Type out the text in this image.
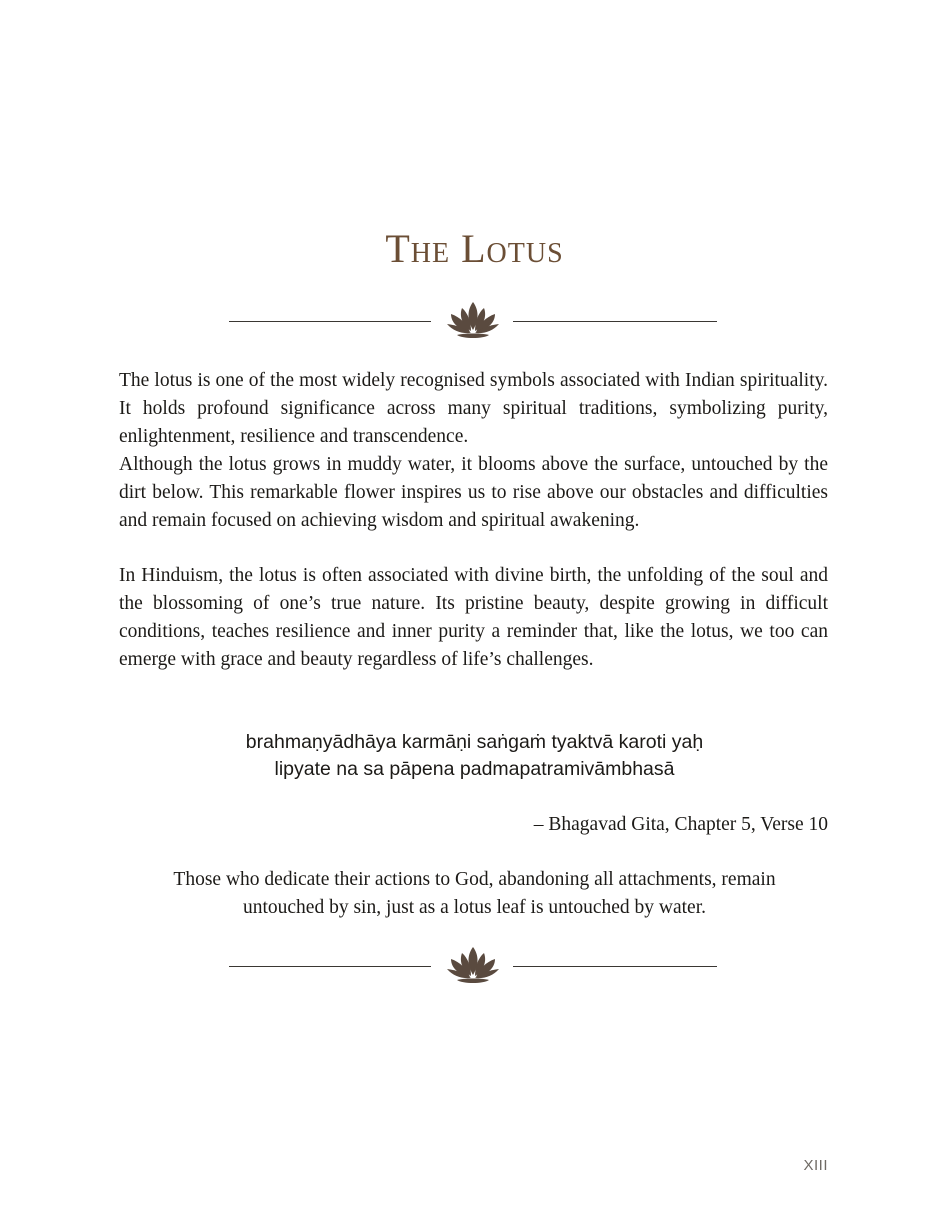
The Lotus

The lotus is one of the most widely recognised symbols associated with Indian spirituality. It holds profound significance across many spiritual traditions, symbolizing purity, enlightenment, resilience and transcendence.

Although the lotus grows in muddy water, it blooms above the surface, untouched by the dirt below. This remarkable flower inspires us to rise above our obstacles and difficulties and remain focused on achieving wisdom and spiritual awakening.

In Hinduism, the lotus is often associated with divine birth, the unfolding of the soul and the blossoming of one’s true nature. Its pristine beauty, despite growing in difficult conditions, teaches resilience and inner purity a reminder that, like the lotus, we too can emerge with grace and beauty regardless of life’s challenges.

brahmaṇyādhāya karmāṇi saṅgaṁ tyaktvā karoti yaḥ
lipyate na sa pāpena padmapatramivāmbhasā
– Bhagavad Gita, Chapter 5, Verse 10
Those who dedicate their actions to God, abandoning all attachments, remain
untouched by sin, just as a lotus leaf is untouched by water.
XIII
